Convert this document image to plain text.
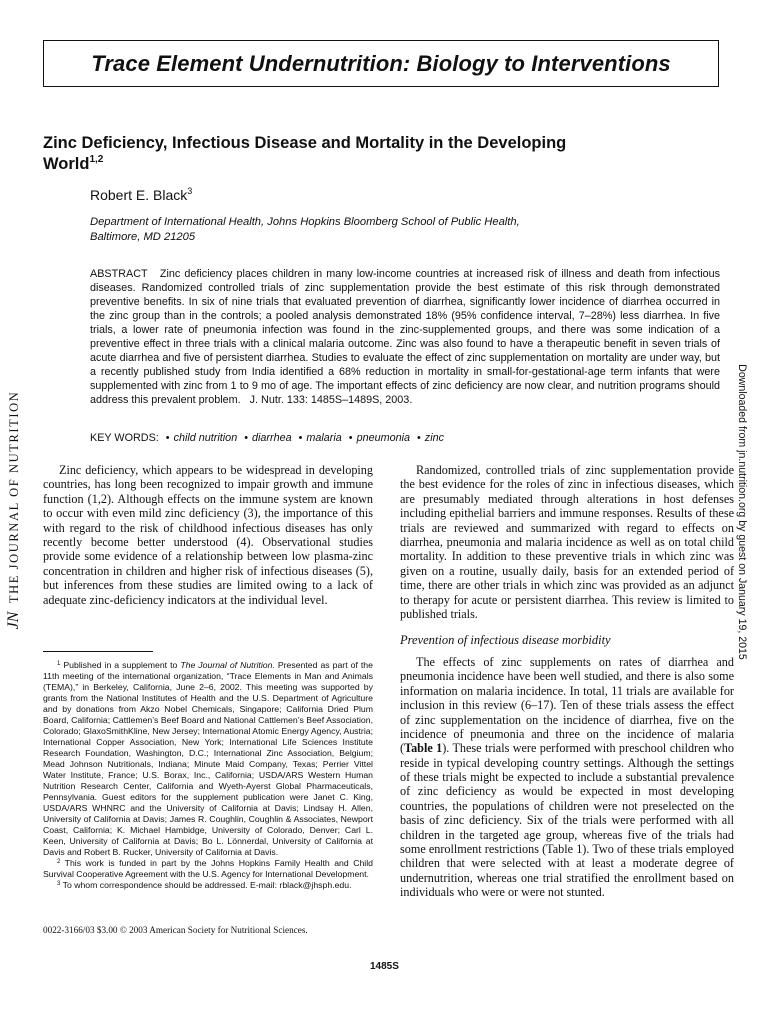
Trace Element Undernutrition: Biology to Interventions
Zinc Deficiency, Infectious Disease and Mortality in the Developing World$^{1,2}$
Robert E. Black$^3$
Department of International Health, Johns Hopkins Bloomberg School of Public Health,
Baltimore, MD 21205
ABSTRACT Zinc deficiency places children in many low-income countries at increased risk of illness and death from infectious diseases. Randomized controlled trials of zinc supplementation provide the best estimate of this risk through demonstrated preventive benefits. In six of nine trials that evaluated prevention of diarrhea, significantly lower incidence of diarrhea occurred in the zinc group than in the controls; a pooled analysis demonstrated 18% (95% confidence interval, 7–28%) less diarrhea. In five trials, a lower rate of pneumonia infection was found in the zinc-supplemented groups, and there was some indication of a preventive effect in three trials with a clinical malaria outcome. Zinc was also found to have a therapeutic benefit in seven trials of acute diarrhea and five of persistent diarrhea. Studies to evaluate the effect of zinc supplementation on mortality are under way, but a recently published study from India identified a 68% reduction in mortality in small-for-gestational-age term infants that were supplemented with zinc from 1 to 9 mo of age. The important effects of zinc deficiency are now clear, and nutrition programs should address this prevalent problem. J. Nutr. 133: 1485S–1489S, 2003.
KEY WORDS: • child nutrition • diarrhea • malaria • pneumonia • zinc
JN THE JOURNAL OF NUTRITION	Downloaded from jn.nutrition.org by guest on January 19, 2015

Zinc deficiency, which appears to be widespread in developing countries, has long been recognized to impair growth and immune function (1,2). Although effects on the immune system are known to occur with even mild zinc deficiency (3), the importance of this with regard to the risk of childhood infectious diseases has only recently become better understood (4). Observational studies provide some evidence of a relationship between low plasma-zinc concentration in children and higher risk of infectious diseases (5), but inferences from these studies are limited owing to a lack of adequate zinc-deficiency indicators at the individual level.

Randomized, controlled trials of zinc supplementation provide the best evidence for the roles of zinc in infectious diseases, which are presumably mediated through alterations in host defenses including epithelial barriers and immune responses. Results of these trials are reviewed and summarized with regard to effects on diarrhea, pneumonia and malaria incidence as well as on total child mortality. In addition to these preventive trials in which zinc was given on a routine, usually daily, basis for an extended period of time, there are other trials in which zinc was provided as an adjunct to therapy for acute or persistent diarrhea. This review is limited to published trials.

Prevention of infectious disease morbidity

The effects of zinc supplements on rates of diarrhea and pneumonia incidence have been well studied, and there is also some information on malaria incidence. In total, 11 trials are available for inclusion in this review (6–17). Ten of these trials assess the effect of zinc supplementation on the incidence of diarrhea, five on the incidence of pneumonia and three on the incidence of malaria (Table 1). These trials were performed with preschool children who reside in typical developing country settings. Although the settings of these trials might be expected to include a substantial prevalence of zinc deficiency as would be expected in most developing countries, the populations of children were not preselected on the basis of zinc deficiency. Six of the trials were performed with all children in the targeted age group, whereas five of the trials had some enrollment restrictions (Table 1). Two of these trials employed children that were selected with at least a moderate degree of undernutrition, whereas one trial stratified the enrollment based on individuals who were or were not stunted.

$^1$ Published in a supplement to The Journal of Nutrition. Presented as part of the 11th meeting of the international organization, “Trace Elements in Man and Animals (TEMA),” in Berkeley, California, June 2–6, 2002. This meeting was supported by grants from the National Institutes of Health and the U.S. Department of Agriculture and by donations from Akzo Nobel Chemicals, Singapore; California Dried Plum Board, California; Cattlemen’s Beef Board and National Cattlemen’s Beef Association, Colorado; GlaxoSmithKline, New Jersey; International Atomic Energy Agency, Austria; International Copper Association, New York; International Life Sciences Institute Research Foundation, Washington, D.C.; International Zinc Association, Belgium; Mead Johnson Nutritionals, Indiana; Minute Maid Company, Texas; Perrier Vittel Water Institute, France; U.S. Borax, Inc., California; USDA/ARS Western Human Nutrition Research Center, California and Wyeth-Ayerst Global Pharmaceuticals, Pennsylvania. Guest editors for the supplement publication were Janet C. King, USDA/ARS WHNRC and the University of California at Davis; Lindsay H. Allen, University of California at Davis; James R. Coughlin, Coughlin & Associates, Newport Coast, California; K. Michael Hambidge, University of Colorado, Denver; Carl L. Keen, University of California at Davis; Bo L. Lönnerdal, University of California at Davis and Robert B. Rucker, University of California at Davis.

$^2$ This work is funded in part by the Johns Hopkins Family Health and Child Survival Cooperative Agreement with the U.S. Agency for International Development.

$^3$ To whom correspondence should be addressed. E-mail: rblack@jhsph.edu.

0022-3166/03 $3.00 © 2003 American Society for Nutritional Sciences.
1485S
